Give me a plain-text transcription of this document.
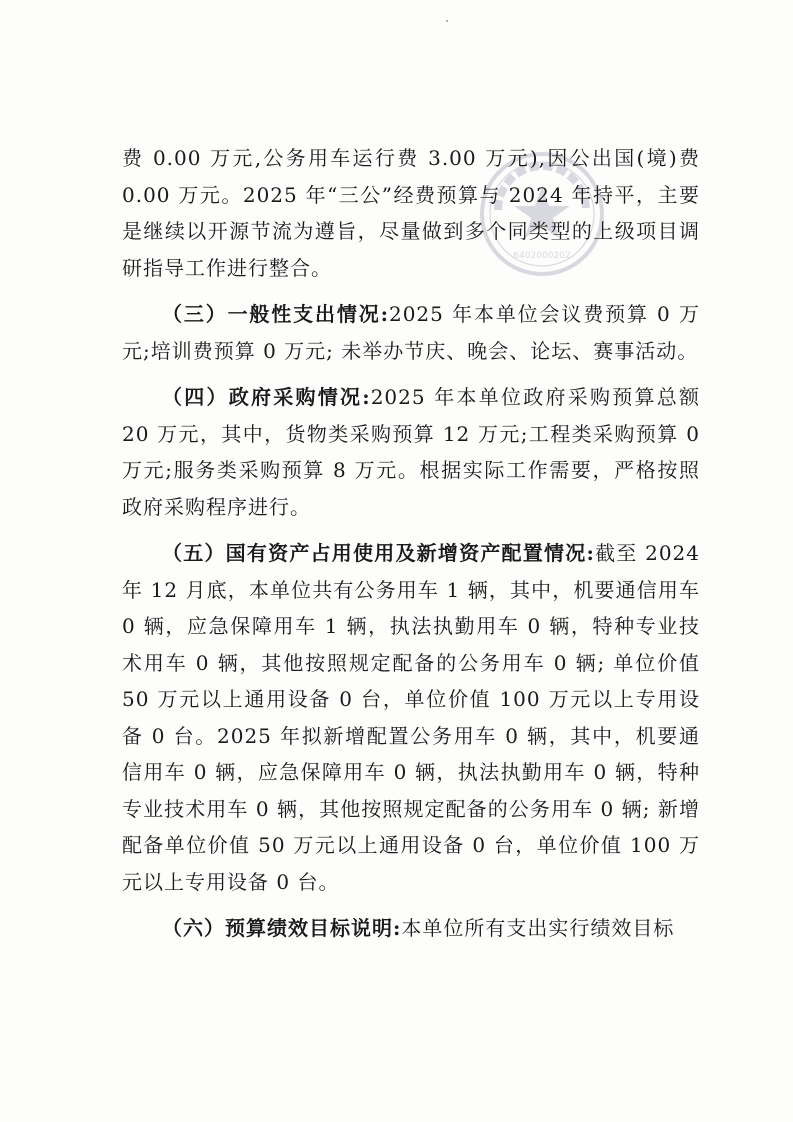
6402000202

费 0.00 万元,公务用车运行费 3.00 万元),因公出国(境)费 0.00 万元。2025 年“三公”经费预算与 2024 年持平，主要是继续以开源节流为遵旨，尽量做到多个同类型的上级项目调研指导工作进行整合。

（三）一般性支出情况:2025 年本单位会议费预算 0 万元;培训费预算 0 万元; 未举办节庆、晚会、论坛、赛事活动。

（四）政府采购情况:2025 年本单位政府采购预算总额 20 万元，其中，货物类采购预算 12 万元;工程类采购预算 0 万元;服务类采购预算 8 万元。根据实际工作需要，严格按照政府采购程序进行。

（五）国有资产占用使用及新增资产配置情况:截至 2024 年 12 月底，本单位共有公务用车 1 辆，其中，机要通信用车 0 辆，应急保障用车 1 辆，执法执勤用车 0 辆，特种专业技术用车 0 辆，其他按照规定配备的公务用车 0 辆; 单位价值 50 万元以上通用设备 0 台，单位价值 100 万元以上专用设备 0 台。2025 年拟新增配置公务用车 0 辆，其中，机要通信用车 0 辆，应急保障用车 0 辆，执法执勤用车 0 辆，特种专业技术用车 0 辆，其他按照规定配备的公务用车 0 辆; 新增配备单位价值 50 万元以上通用设备 0 台，单位价值 100 万元以上专用设备 0 台。

（六）预算绩效目标说明:本单位所有支出实行绩效目标
